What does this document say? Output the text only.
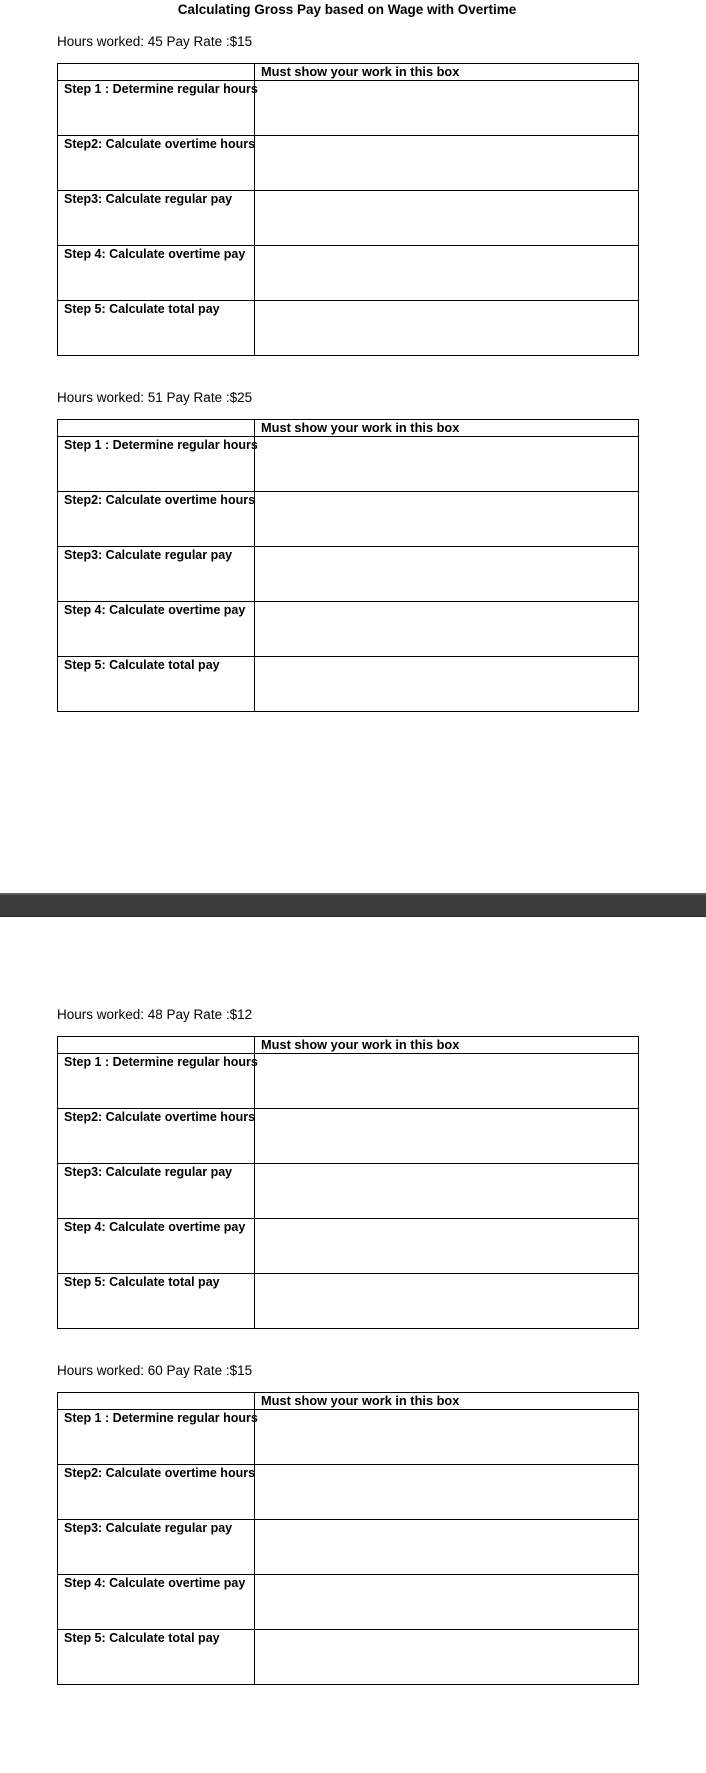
Calculating Gross Pay based on Wage with Overtime
Hours worked: 45 Pay Rate :$15
	Must show your work in this box
Step 1 : Determine regular hours	
Step2: Calculate overtime hours	
Step3: Calculate regular pay	
Step 4: Calculate overtime pay	
Step 5: Calculate total pay	
Hours worked: 51 Pay Rate :$25
	Must show your work in this box
Step 1 : Determine regular hours	
Step2: Calculate overtime hours	
Step3: Calculate regular pay	
Step 4: Calculate overtime pay	
Step 5: Calculate total pay	
Hours worked: 48 Pay Rate :$12
	Must show your work in this box
Step 1 : Determine regular hours	
Step2: Calculate overtime hours	
Step3: Calculate regular pay	
Step 4: Calculate overtime pay	
Step 5: Calculate total pay	
Hours worked: 60 Pay Rate :$15
	Must show your work in this box
Step 1 : Determine regular hours	
Step2: Calculate overtime hours	
Step3: Calculate regular pay	
Step 4: Calculate overtime pay	
Step 5: Calculate total pay	
